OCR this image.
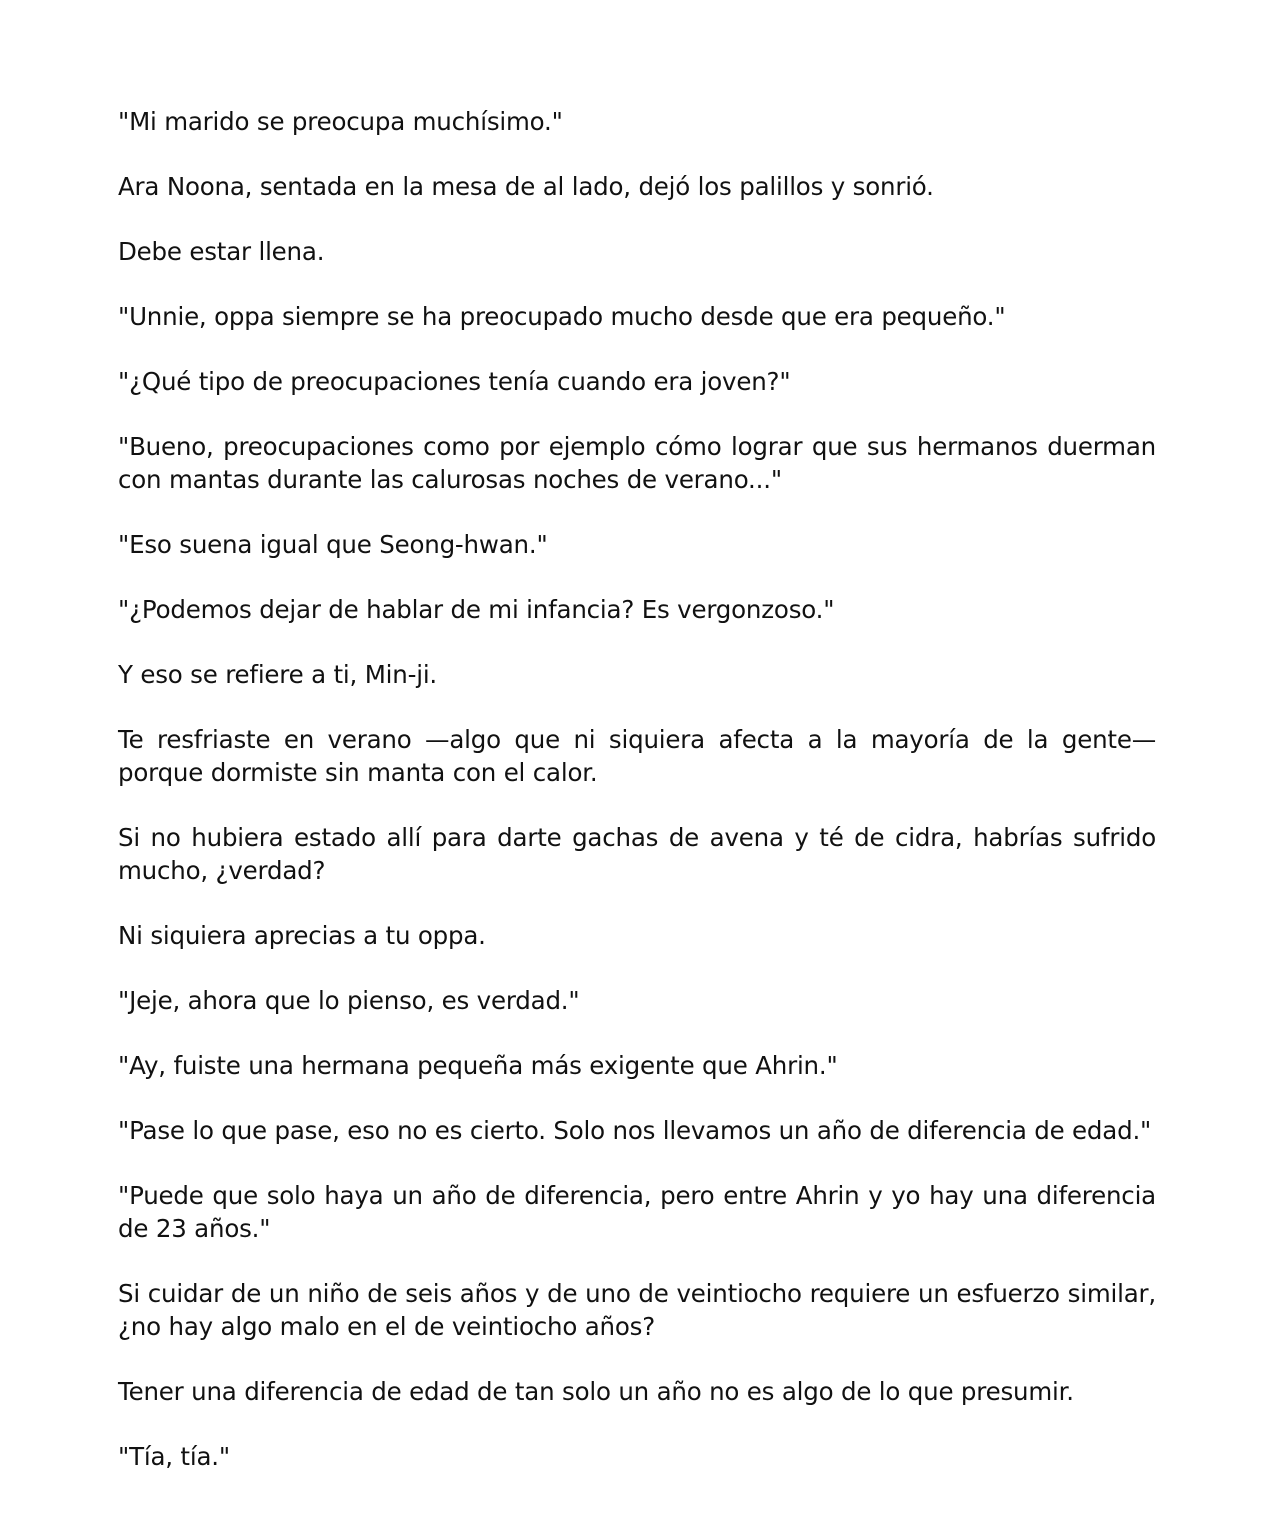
"Mi marido se preocupa muchísimo."

Ara Noona, sentada en la mesa de al lado, dejó los palillos y sonrió.

Debe estar llena.

"Unnie, oppa siempre se ha preocupado mucho desde que era pequeño."

"¿Qué tipo de preocupaciones tenía cuando era joven?"

"Bueno, preocupaciones como por ejemplo cómo lograr que sus hermanos duerman con mantas durante las calurosas noches de verano..."

"Eso suena igual que Seong-hwan."

"¿Podemos dejar de hablar de mi infancia? Es vergonzoso."

Y eso se refiere a ti, Min-ji.

Te resfriaste en verano —algo que ni siquiera afecta a la mayoría de la gente— porque dormiste sin manta con el calor.

Si no hubiera estado allí para darte gachas de avena y té de cidra, habrías sufrido mucho, ¿verdad?

Ni siquiera aprecias a tu oppa.

"Jeje, ahora que lo pienso, es verdad."

"Ay, fuiste una hermana pequeña más exigente que Ahrin."

"Pase lo que pase, eso no es cierto. Solo nos llevamos un año de diferencia de edad."

"Puede que solo haya un año de diferencia, pero entre Ahrin y yo hay una diferencia de 23 años."

Si cuidar de un niño de seis años y de uno de veintiocho requiere un esfuerzo similar, ¿no hay algo malo en el de veintiocho años?

Tener una diferencia de edad de tan solo un año no es algo de lo que presumir.

"Tía, tía."
